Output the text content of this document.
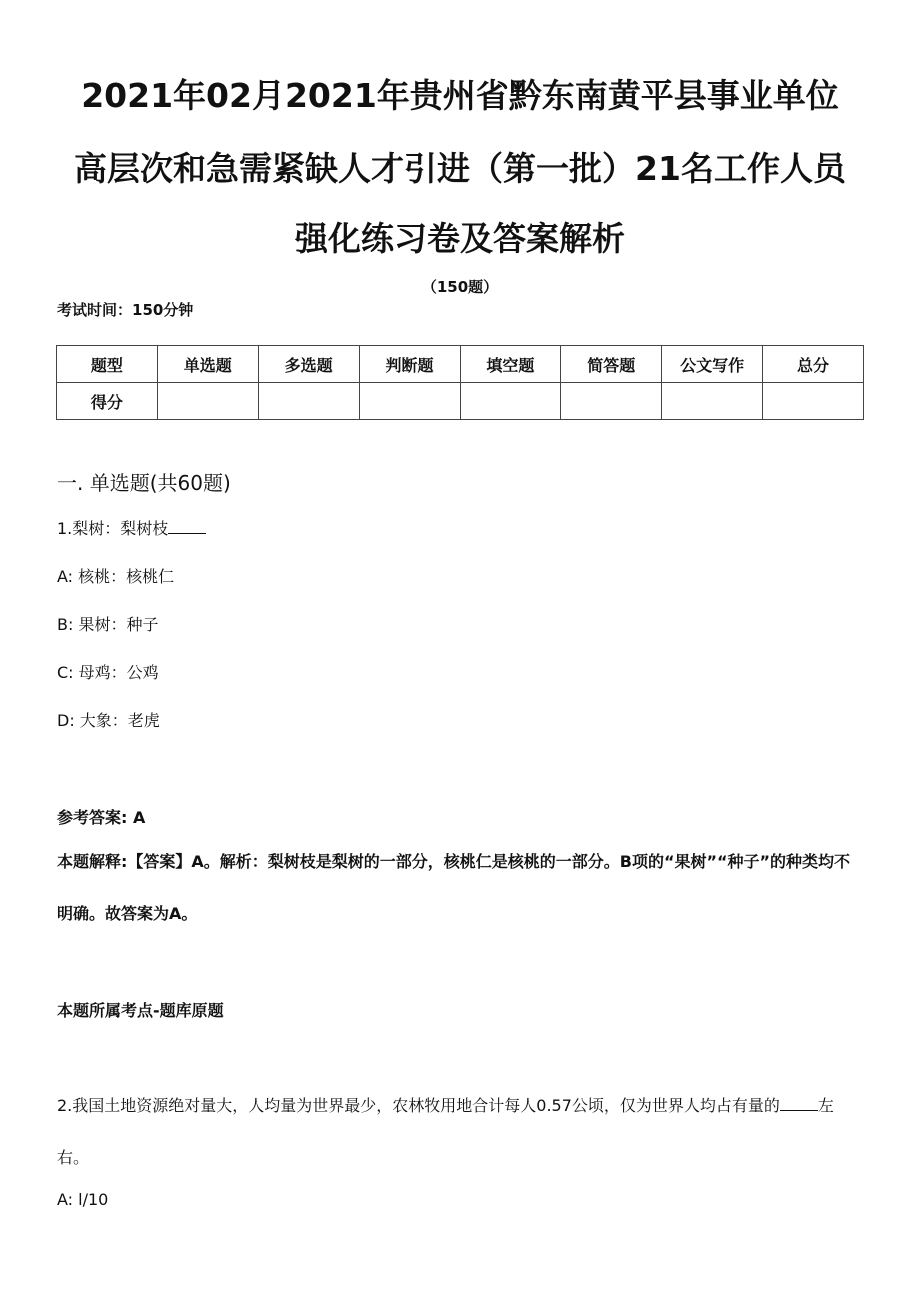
2021年02月2021年贵州省黔东南黄平县事业单位
高层次和急需紧缺人才引进（第一批）21名工作人员
强化练习卷及答案解析
（150题）
考试时间：150分钟
题型	单选题	多选题	判断题	填空题	简答题	公文写作	总分
得分							
一. 单选题(共60题)
1.梨树：梨树枝
A: 核桃：核桃仁
B: 果树：种子
C: 母鸡：公鸡
D: 大象：老虎
参考答案: A
本题解释:【答案】A。解析：梨树枝是梨树的一部分，核桃仁是核桃的一部分。B项的“果树”“种子”的种类均不明确。故答案为A。
本题所属考点-题库原题
2.我国土地资源绝对量大，人均量为世界最少，农林牧用地合计每人0.57公顷，仅为世界人均占有量的 左右。
A: l/10
